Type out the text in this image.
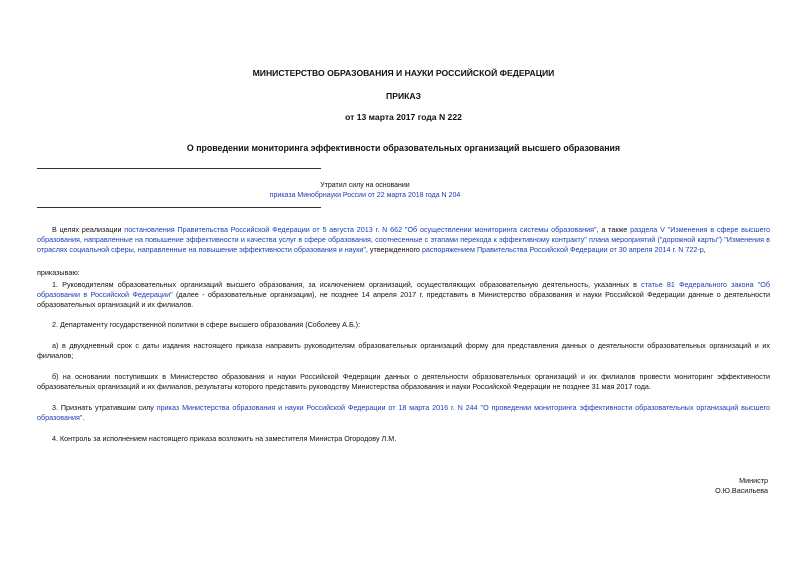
МИНИСТЕРСТВО ОБРАЗОВАНИЯ И НАУКИ РОССИЙСКОЙ ФЕДЕРАЦИИ
ПРИКАЗ
от 13 марта 2017 года N 222
О проведении мониторинга эффективности образовательных организаций высшего образования
Утратил силу на основании
приказа Минобрнауки России от 22 марта 2018 года N 204
В целях реализации постановления Правительства Российской Федерации от 5 августа 2013 г. N 662 "Об осуществлении мониторинга системы образования", а также раздела V "Изменения в сфере высшего образования, направленные на повышение эффективности и качества услуг в сфере образования, соотнесенные с этапами перехода к эффективному контракту" плана мероприятий ("дорожной карты") "Изменения в отраслях социальной сферы, направленные на повышение эффективности образования и науки", утвержденного распоряжением Правительства Российской Федерации от 30 апреля 2014 г. N 722-р,
приказываю:
1. Руководителям образовательных организаций высшего образования, за исключением организаций, осуществляющих образовательную деятельность, указанных в статье 81 Федерального закона "Об образовании в Российской Федерации" (далее - образовательные организации), не позднее 14 апреля 2017 г. представить в Министерство образования и науки Российской Федерации данные о деятельности образовательных организаций и их филиалов.
2. Департаменту государственной политики в сфере высшего образования (Соболеву А.Б.):
а) в двухдневный срок с даты издания настоящего приказа направить руководителям образовательных организаций форму для представления данных о деятельности образовательных организаций и их филиалов;
б) на основании поступивших в Министерство образования и науки Российской Федерации данных о деятельности образовательных организаций и их филиалов провести мониторинг эффективности образовательных организаций и их филиалов, результаты которого представить руководству Министерства образования и науки Российской Федерации не позднее 31 мая 2017 года.
3. Признать утратившим силу приказ Министерства образования и науки Российской Федерации от 18 марта 2016 г. N 244 "О проведении мониторинга эффективности образовательных организаций высшего образования".
4. Контроль за исполнением настоящего приказа возложить на заместителя Министра Огородову Л.М.
Министр
О.Ю.Васильева
